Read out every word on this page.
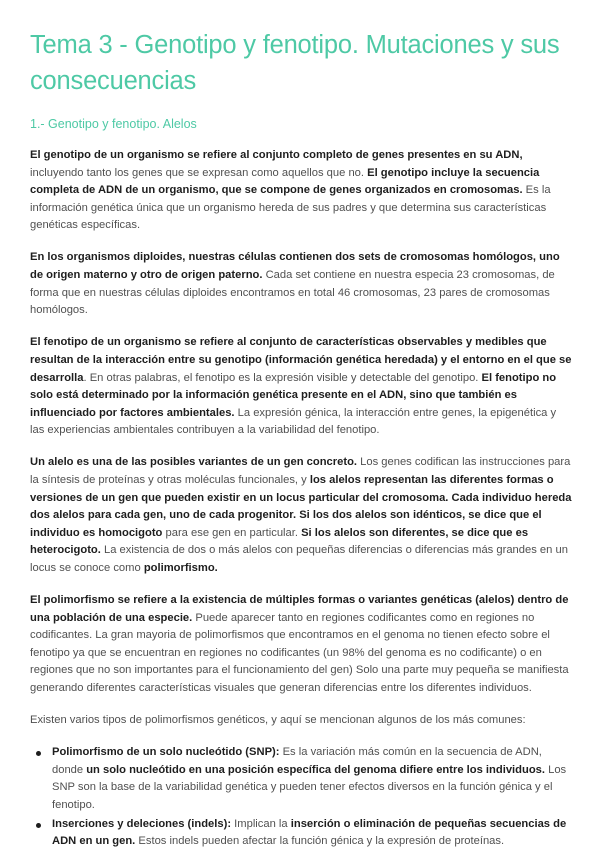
Tema 3 - Genotipo y fenotipo. Mutaciones y sus consecuencias
1.- Genotipo y fenotipo. Alelos

El genotipo de un organismo se refiere al conjunto completo de genes presentes en su ADN, incluyendo tanto los genes que se expresan como aquellos que no. El genotipo incluye la secuencia completa de ADN de un organismo, que se compone de genes organizados en cromosomas. Es la información genética única que un organismo hereda de sus padres y que determina sus características genéticas específicas.

En los organismos diploides, nuestras células contienen dos sets de cromosomas homólogos, uno de origen materno y otro de origen paterno. Cada set contiene en nuestra especia 23 cromosomas, de forma que en nuestras células diploides encontramos en total 46 cromosomas, 23 pares de cromosomas homólogos.

El fenotipo de un organismo se refiere al conjunto de características observables y medibles que resultan de la interacción entre su genotipo (información genética heredada) y el entorno en el que se desarrolla. En otras palabras, el fenotipo es la expresión visible y detectable del genotipo. El fenotipo no solo está determinado por la información genética presente en el ADN, sino que también es influenciado por factores ambientales. La expresión génica, la interacción entre genes, la epigenética y las experiencias ambientales contribuyen a la variabilidad del fenotipo.

Un alelo es una de las posibles variantes de un gen concreto. Los genes codifican las instrucciones para la síntesis de proteínas y otras moléculas funcionales, y los alelos representan las diferentes formas o versiones de un gen que pueden existir en un locus particular del cromosoma. Cada individuo hereda dos alelos para cada gen, uno de cada progenitor. Si los dos alelos son idénticos, se dice que el individuo es homocigoto para ese gen en particular. Si los alelos son diferentes, se dice que es heterocigoto. La existencia de dos o más alelos con pequeñas diferencias o diferencias más grandes en un locus se conoce como polimorfismo.

El polimorfismo se refiere a la existencia de múltiples formas o variantes genéticas (alelos) dentro de una población de una especie. Puede aparecer tanto en regiones codificantes como en regiones no codificantes. La gran mayoria de polimorfismos que encontramos en el genoma no tienen efecto sobre el fenotipo ya que se encuentran en regiones no codificantes (un 98% del genoma es no codificante) o en regiones que no son importantes para el funcionamiento del gen) Solo una parte muy pequeña se manifiesta generando diferentes características visuales que generan diferencias entre los diferentes individuos.

Existen varios tipos de polimorfismos genéticos, y aquí se mencionan algunos de los más comunes:

Polimorfismo de un solo nucleótido (SNP): Es la variación más común en la secuencia de ADN, donde un solo nucleótido en una posición específica del genoma difiere entre los individuos. Los SNP son la base de la variabilidad genética y pueden tener efectos diversos en la función génica y el fenotipo.
Inserciones y deleciones (indels): Implican la inserción o eliminación de pequeñas secuencias de ADN en un gen. Estos indels pueden afectar la función génica y la expresión de proteínas.
